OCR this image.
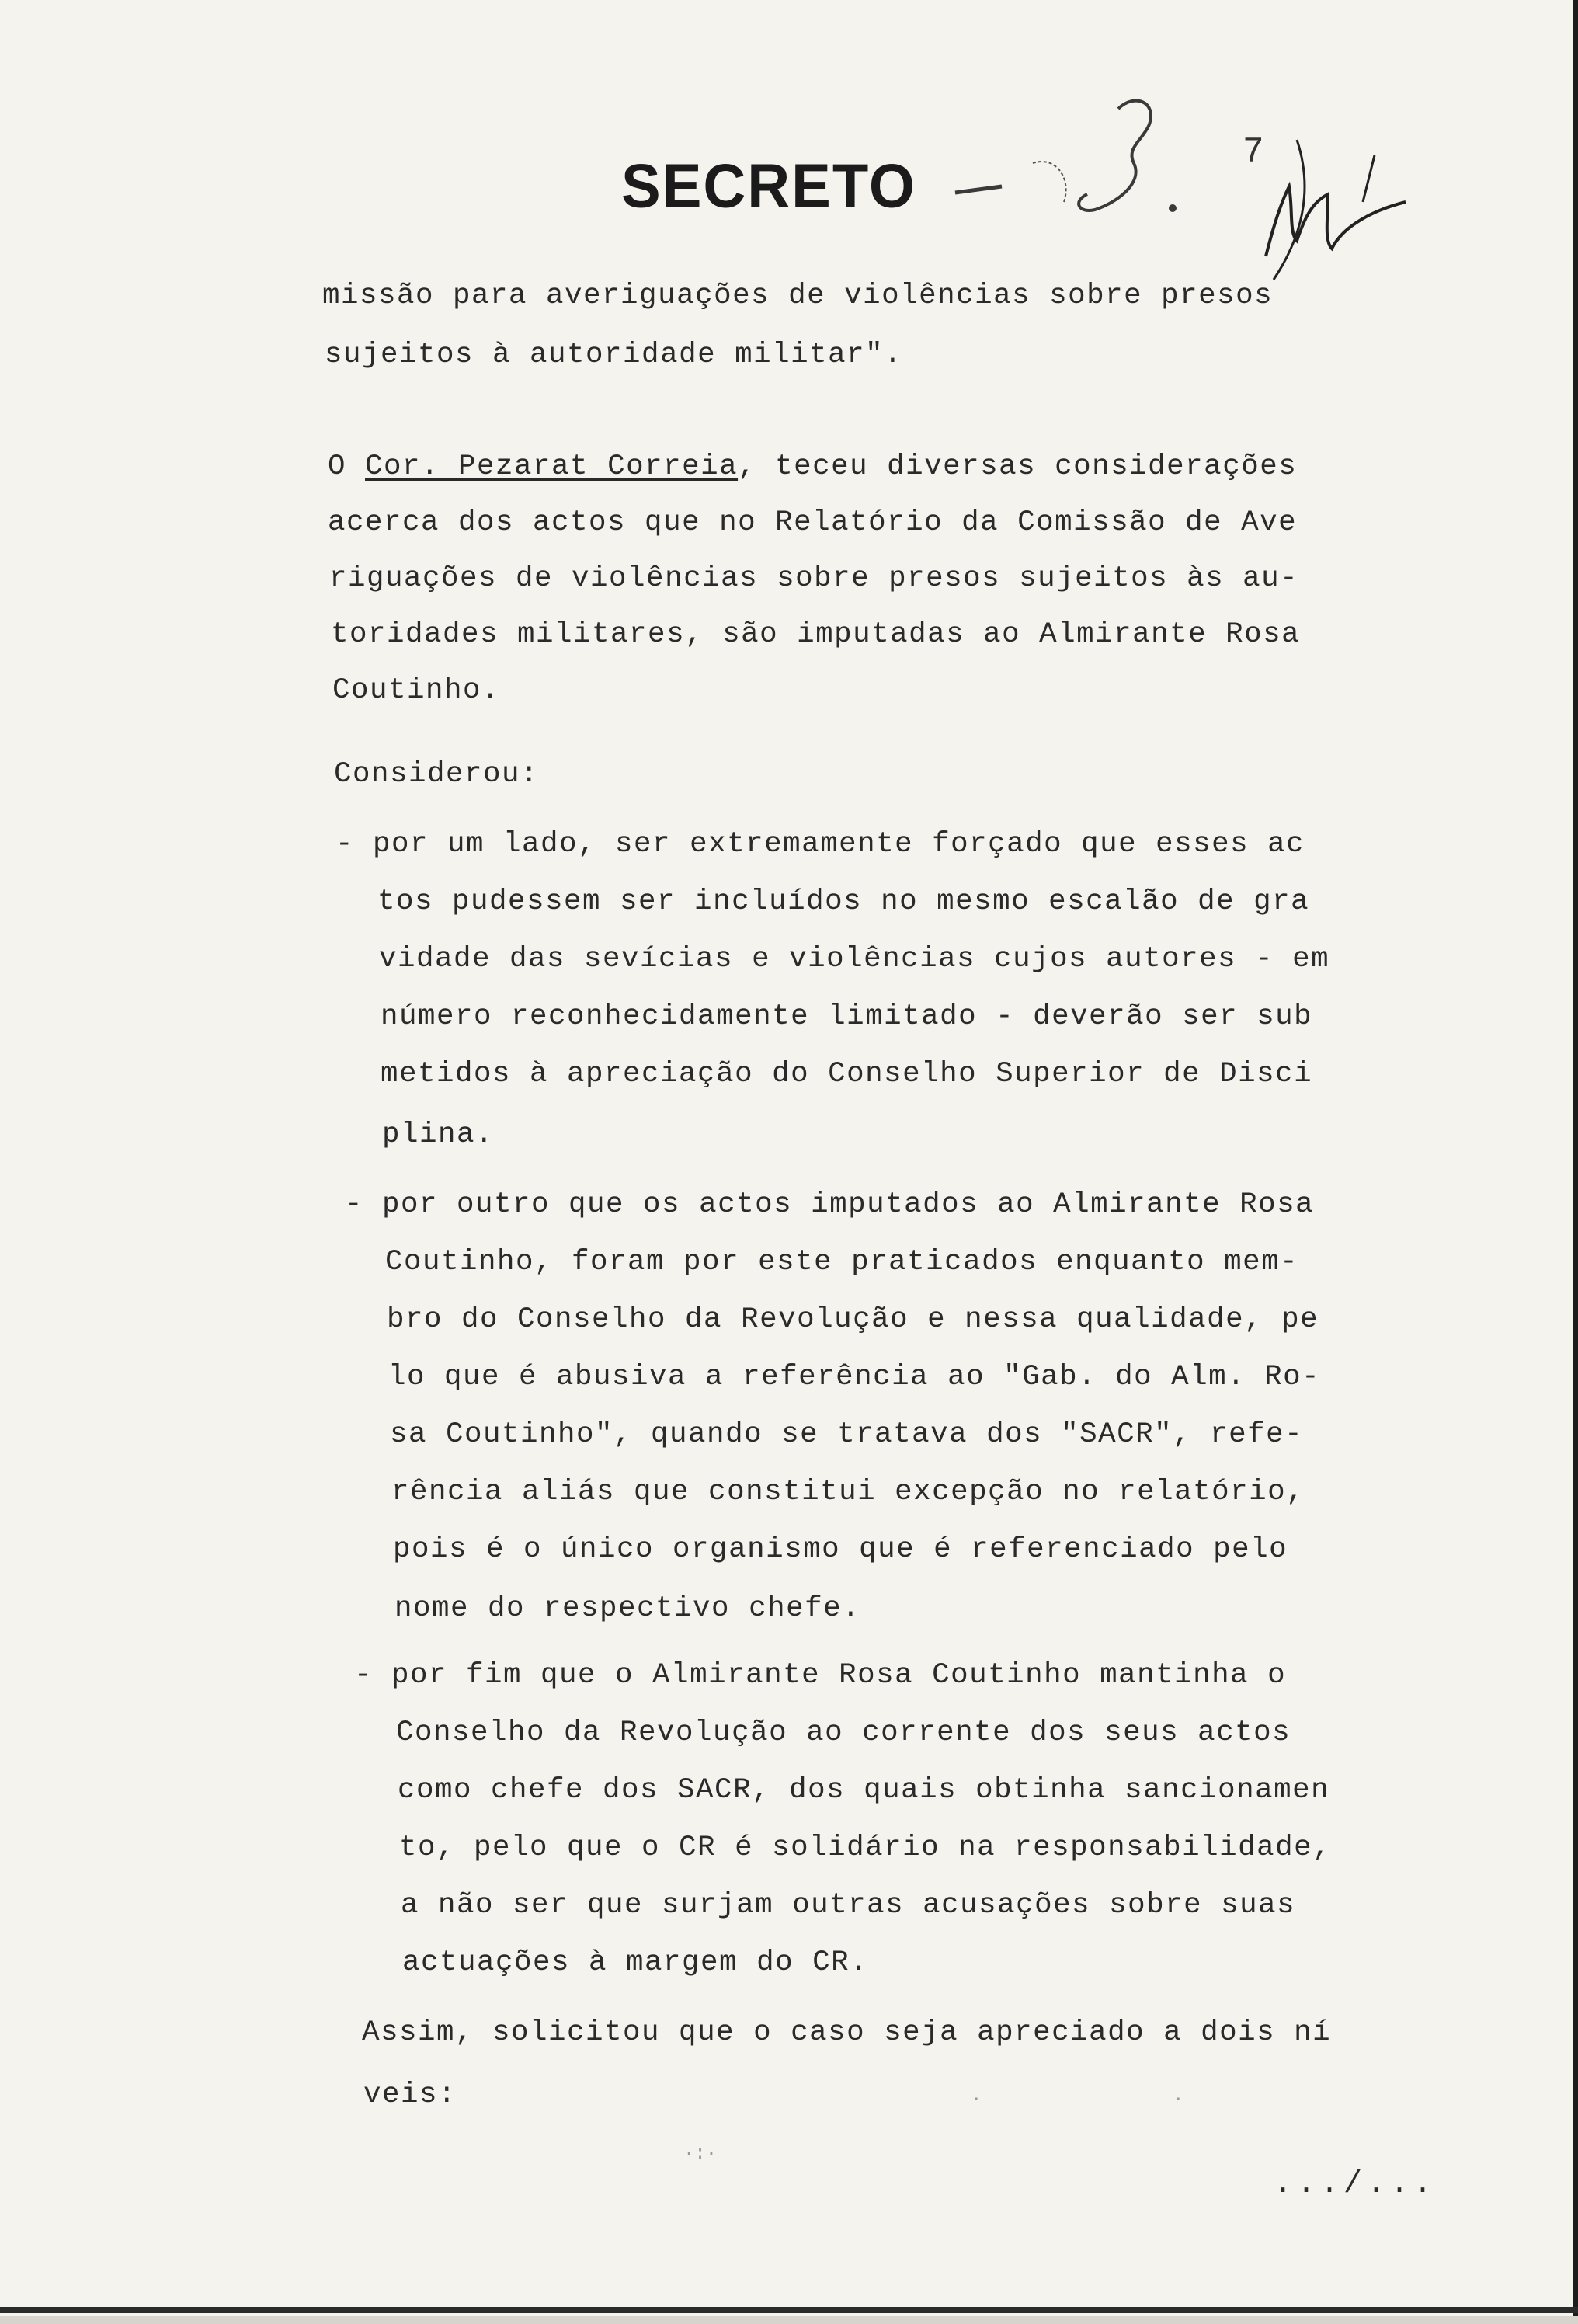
SECRETO	7
missão para averiguações de violências sobre presos
sujeitos à autoridade militar".
O Cor. Pezarat Correia, teceu diversas considerações
acerca dos actos que no Relatório da Comissão de Ave
riguações de violências sobre presos sujeitos às au-
toridades militares, são imputadas ao Almirante Rosa
Coutinho.
Considerou:
- por um lado, ser extremamente forçado que esses ac
tos pudessem ser incluídos no mesmo escalão de gra
vidade das sevícias e violências cujos autores - em
número reconhecidamente limitado - deverão ser sub
metidos à apreciação do Conselho Superior de Disci
plina.
- por outro que os actos imputados ao Almirante Rosa
Coutinho, foram por este praticados enquanto mem-
bro do Conselho da Revolução e nessa qualidade, pe
lo que é abusiva a referência ao "Gab. do Alm. Ro-
sa Coutinho", quando se tratava dos "SACR", refe-
rência aliás que constitui excepção no relatório,
pois é o único organismo que é referenciado pelo
nome do respectivo chefe.
- por fim que o Almirante Rosa Coutinho mantinha o
Conselho da Revolução ao corrente dos seus actos
como chefe dos SACR, dos quais obtinha sancionamen
to, pelo que o CR é solidário na responsabilidade,
a não ser que surjam outras acusações sobre suas
actuações à margem do CR.
Assim, solicitou que o caso seja apreciado a dois ní
veis:
.../...
·:·
·	·
